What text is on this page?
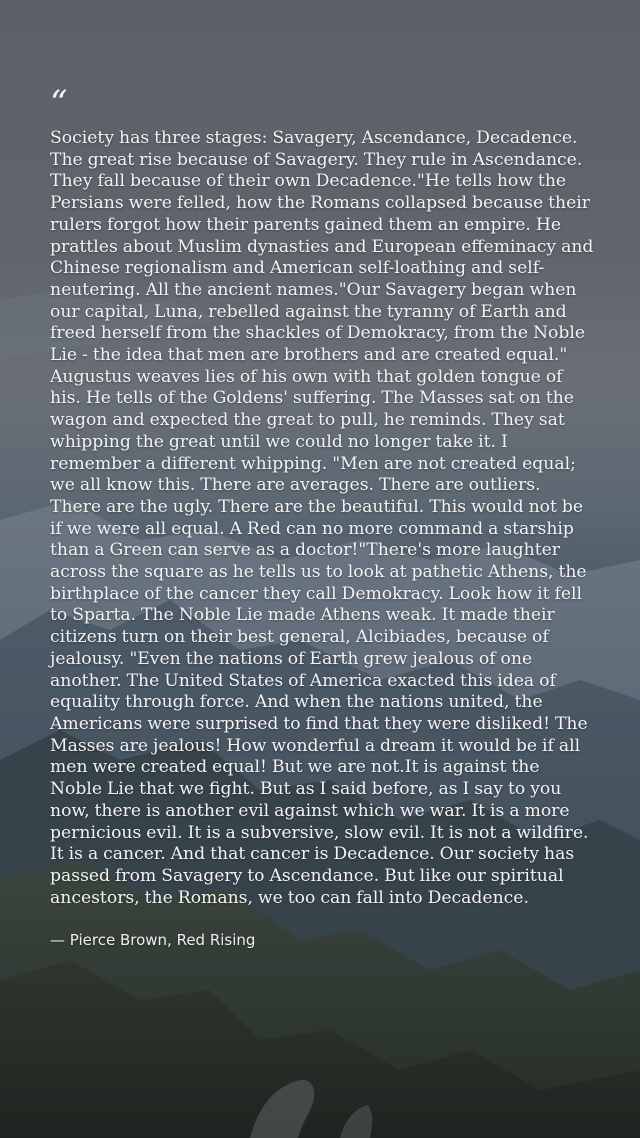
“

Society has three stages: Savagery, Ascendance, Decadence. The great rise because of Savagery. They rule in Ascendance. They fall because of their own Decadence."He tells how the Persians were felled, how the Romans collapsed because their rulers forgot how their parents gained them an empire. He prattles about Muslim dynasties and European effeminacy and Chinese regionalism and American self-loathing and self-neutering. All the ancient names."Our Savagery began when our capital, Luna, rebelled against the tyranny of Earth and freed herself from the shackles of Demokracy, from the Noble Lie - the idea that men are brothers and are created equal." Augustus weaves lies of his own with that golden tongue of his. He tells of the Goldens' suffering. The Masses sat on the wagon and expected the great to pull, he reminds. They sat whipping the great until we could no longer take it. I remember a different whipping. "Men are not created equal; we all know this. There are averages. There are outliers. There are the ugly. There are the beautiful. This would not be if we were all equal. A Red can no more command a starship than a Green can serve as a doctor!"There's more laughter across the square as he tells us to look at pathetic Athens, the birthplace of the cancer they call Demokracy. Look how it fell to Sparta. The Noble Lie made Athens weak. It made their citizens turn on their best general, Alcibiades, because of jealousy. "Even the nations of Earth grew jealous of one another. The United States of America exacted this idea of equality through force. And when the nations united, the Americans were surprised to find that they were disliked! The Masses are jealous! How wonderful a dream it would be if all men were created equal! But we are not.It is against the Noble Lie that we fight. But as I said before, as I say to you now, there is another evil against which we war. It is a more pernicious evil. It is a subversive, slow evil. It is not a wildfire. It is a cancer. And that cancer is Decadence. Our society has passed from Savagery to Ascendance. But like our spiritual ancestors, the Romans, we too can fall into Decadence.

— Pierce Brown, Red Rising
